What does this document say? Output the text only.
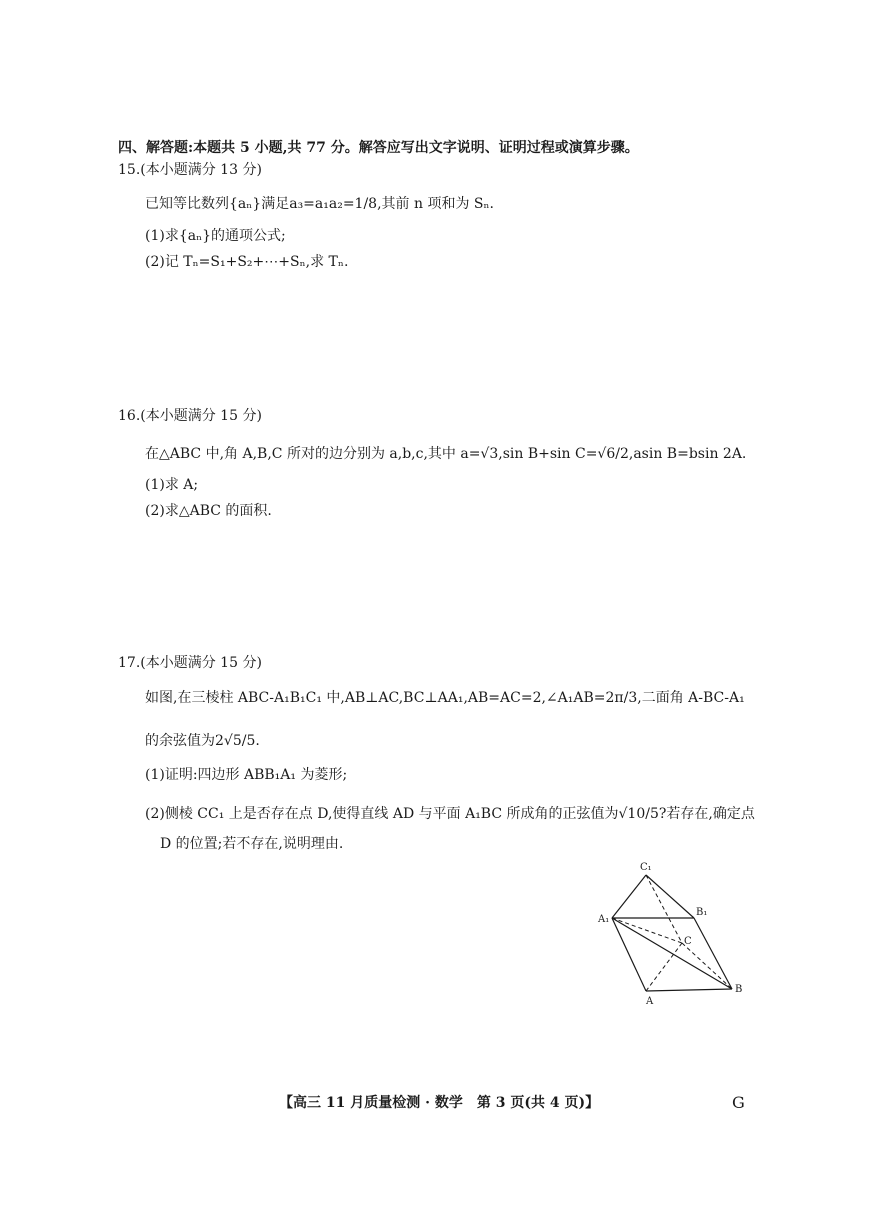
四、解答题:本题共 5 小题,共 77 分。解答应写出文字说明、证明过程或演算步骤。
15.(本小题满分 13 分)
已知等比数列{aₙ}满足a₃=a₁a₂=1/8,其前 n 项和为 Sₙ.
(1)求{aₙ}的通项公式;
(2)记 Tₙ=S₁+S₂+⋯+Sₙ,求 Tₙ.
16.(本小题满分 15 分)
在△ABC 中,角 A,B,C 所对的边分别为 a,b,c,其中 a=√3,sin B+sin C=√6/2,asin B=bsin 2A.
(1)求 A;
(2)求△ABC 的面积.
17.(本小题满分 15 分)
如图,在三棱柱 ABC-A₁B₁C₁ 中,AB⊥AC,BC⊥AA₁,AB=AC=2,∠A₁AB=2π/3,二面角 A-BC-A₁
的余弦值为2√5/5.
(1)证明:四边形 ABB₁A₁ 为菱形;
(2)侧棱 CC₁ 上是否存在点 D,使得直线 AD 与平面 A₁BC 所成角的正弦值为√10/5?若存在,确定点
D 的位置;若不存在,说明理由.
C₁
B₁
A₁
C
A
B
【高三 11 月质量检测 · 数学　第 3 页(共 4 页)】	G
